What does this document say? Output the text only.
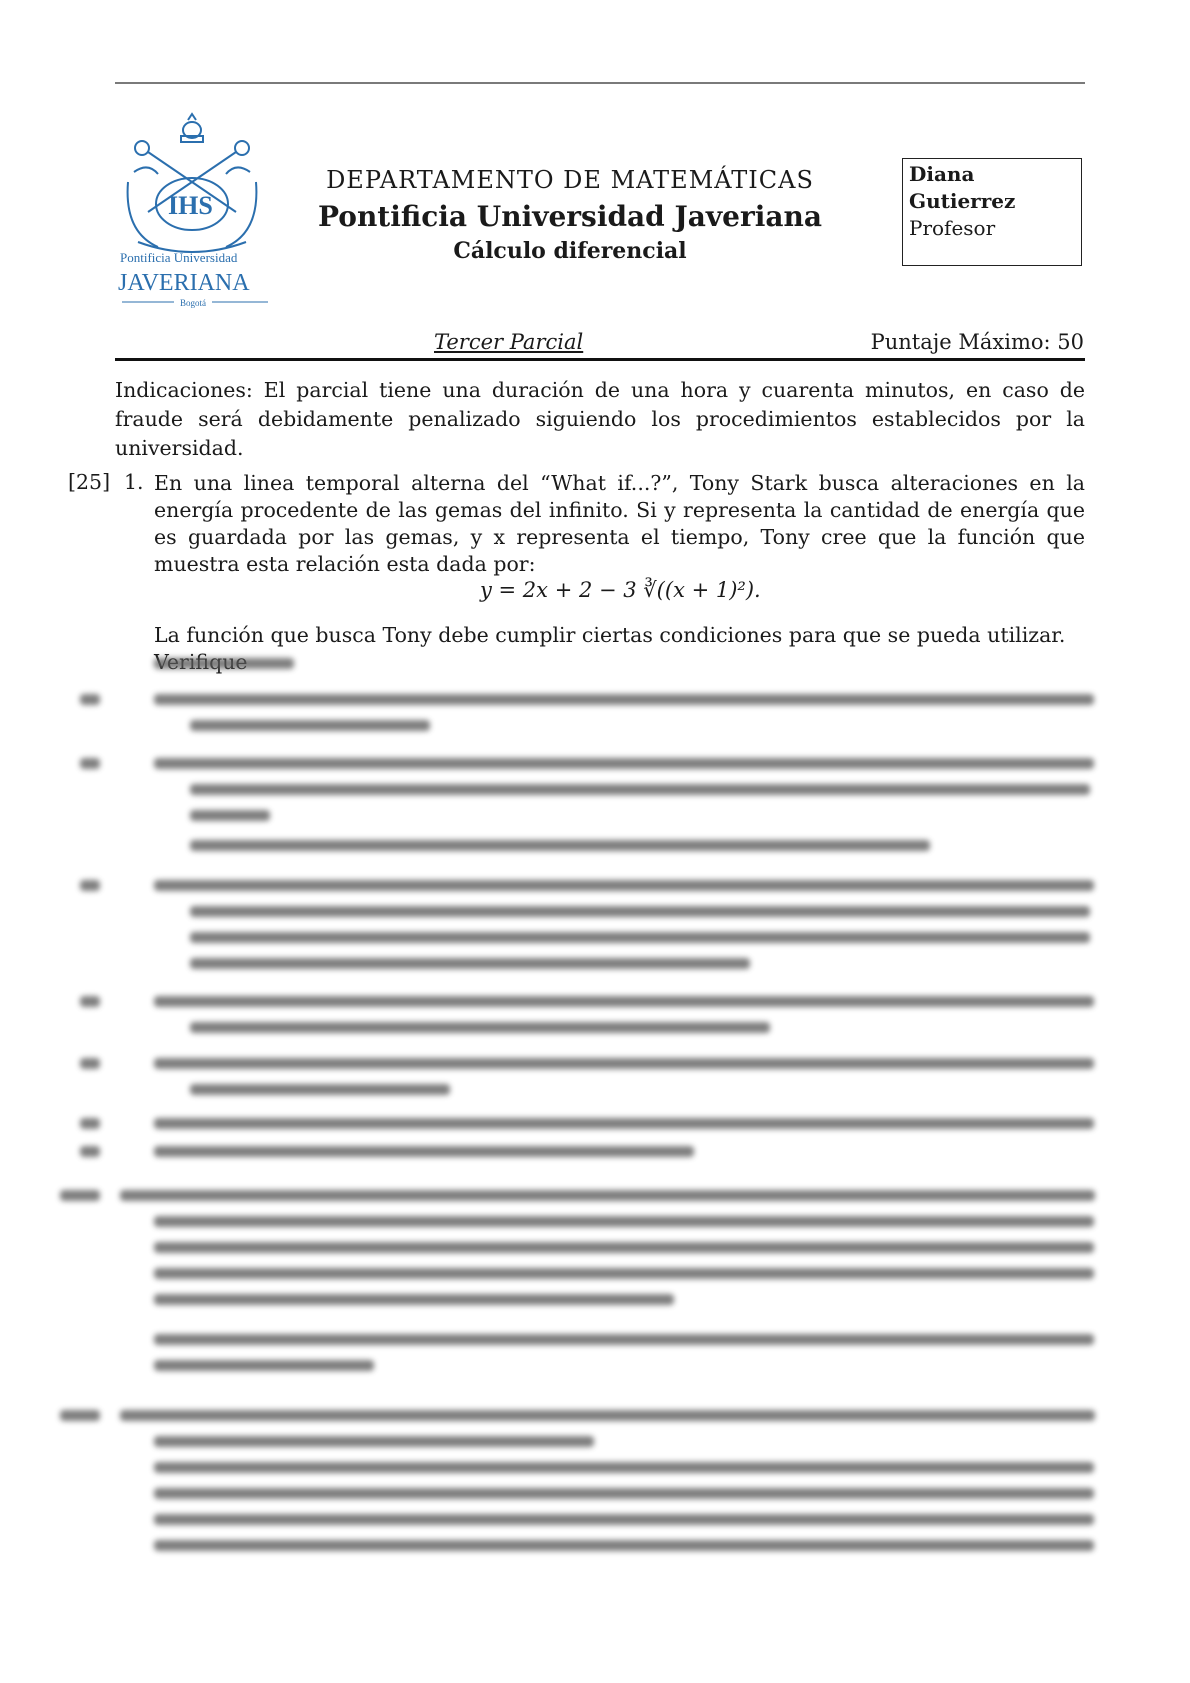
IHS
Pontificia Universidad
JAVERIANA
Bogotá
DEPARTAMENTO DE MATEMÁTICAS
Pontificia Universidad Javeriana
Cálculo diferencial
Diana
Gutierrez
Profesor
Tercer Parcial	Puntaje Máximo: 50
Indicaciones: El parcial tiene una duración de una hora y cuarenta minutos, en caso de fraude será debidamente penalizado siguiendo los procedimientos establecidos por la universidad.
[25] 1. En una linea temporal alterna del “What if...?”, Tony Stark busca alteraciones en la energía procedente de las gemas del infinito. Si y representa la cantidad de energía que es guardada por las gemas, y x representa el tiempo, Tony cree que la función que muestra esta relación esta dada por:
y = 2x + 2 − 3 ∛((x + 1)²).
La función que busca Tony debe cumplir ciertas condiciones para que se pueda utilizar.
